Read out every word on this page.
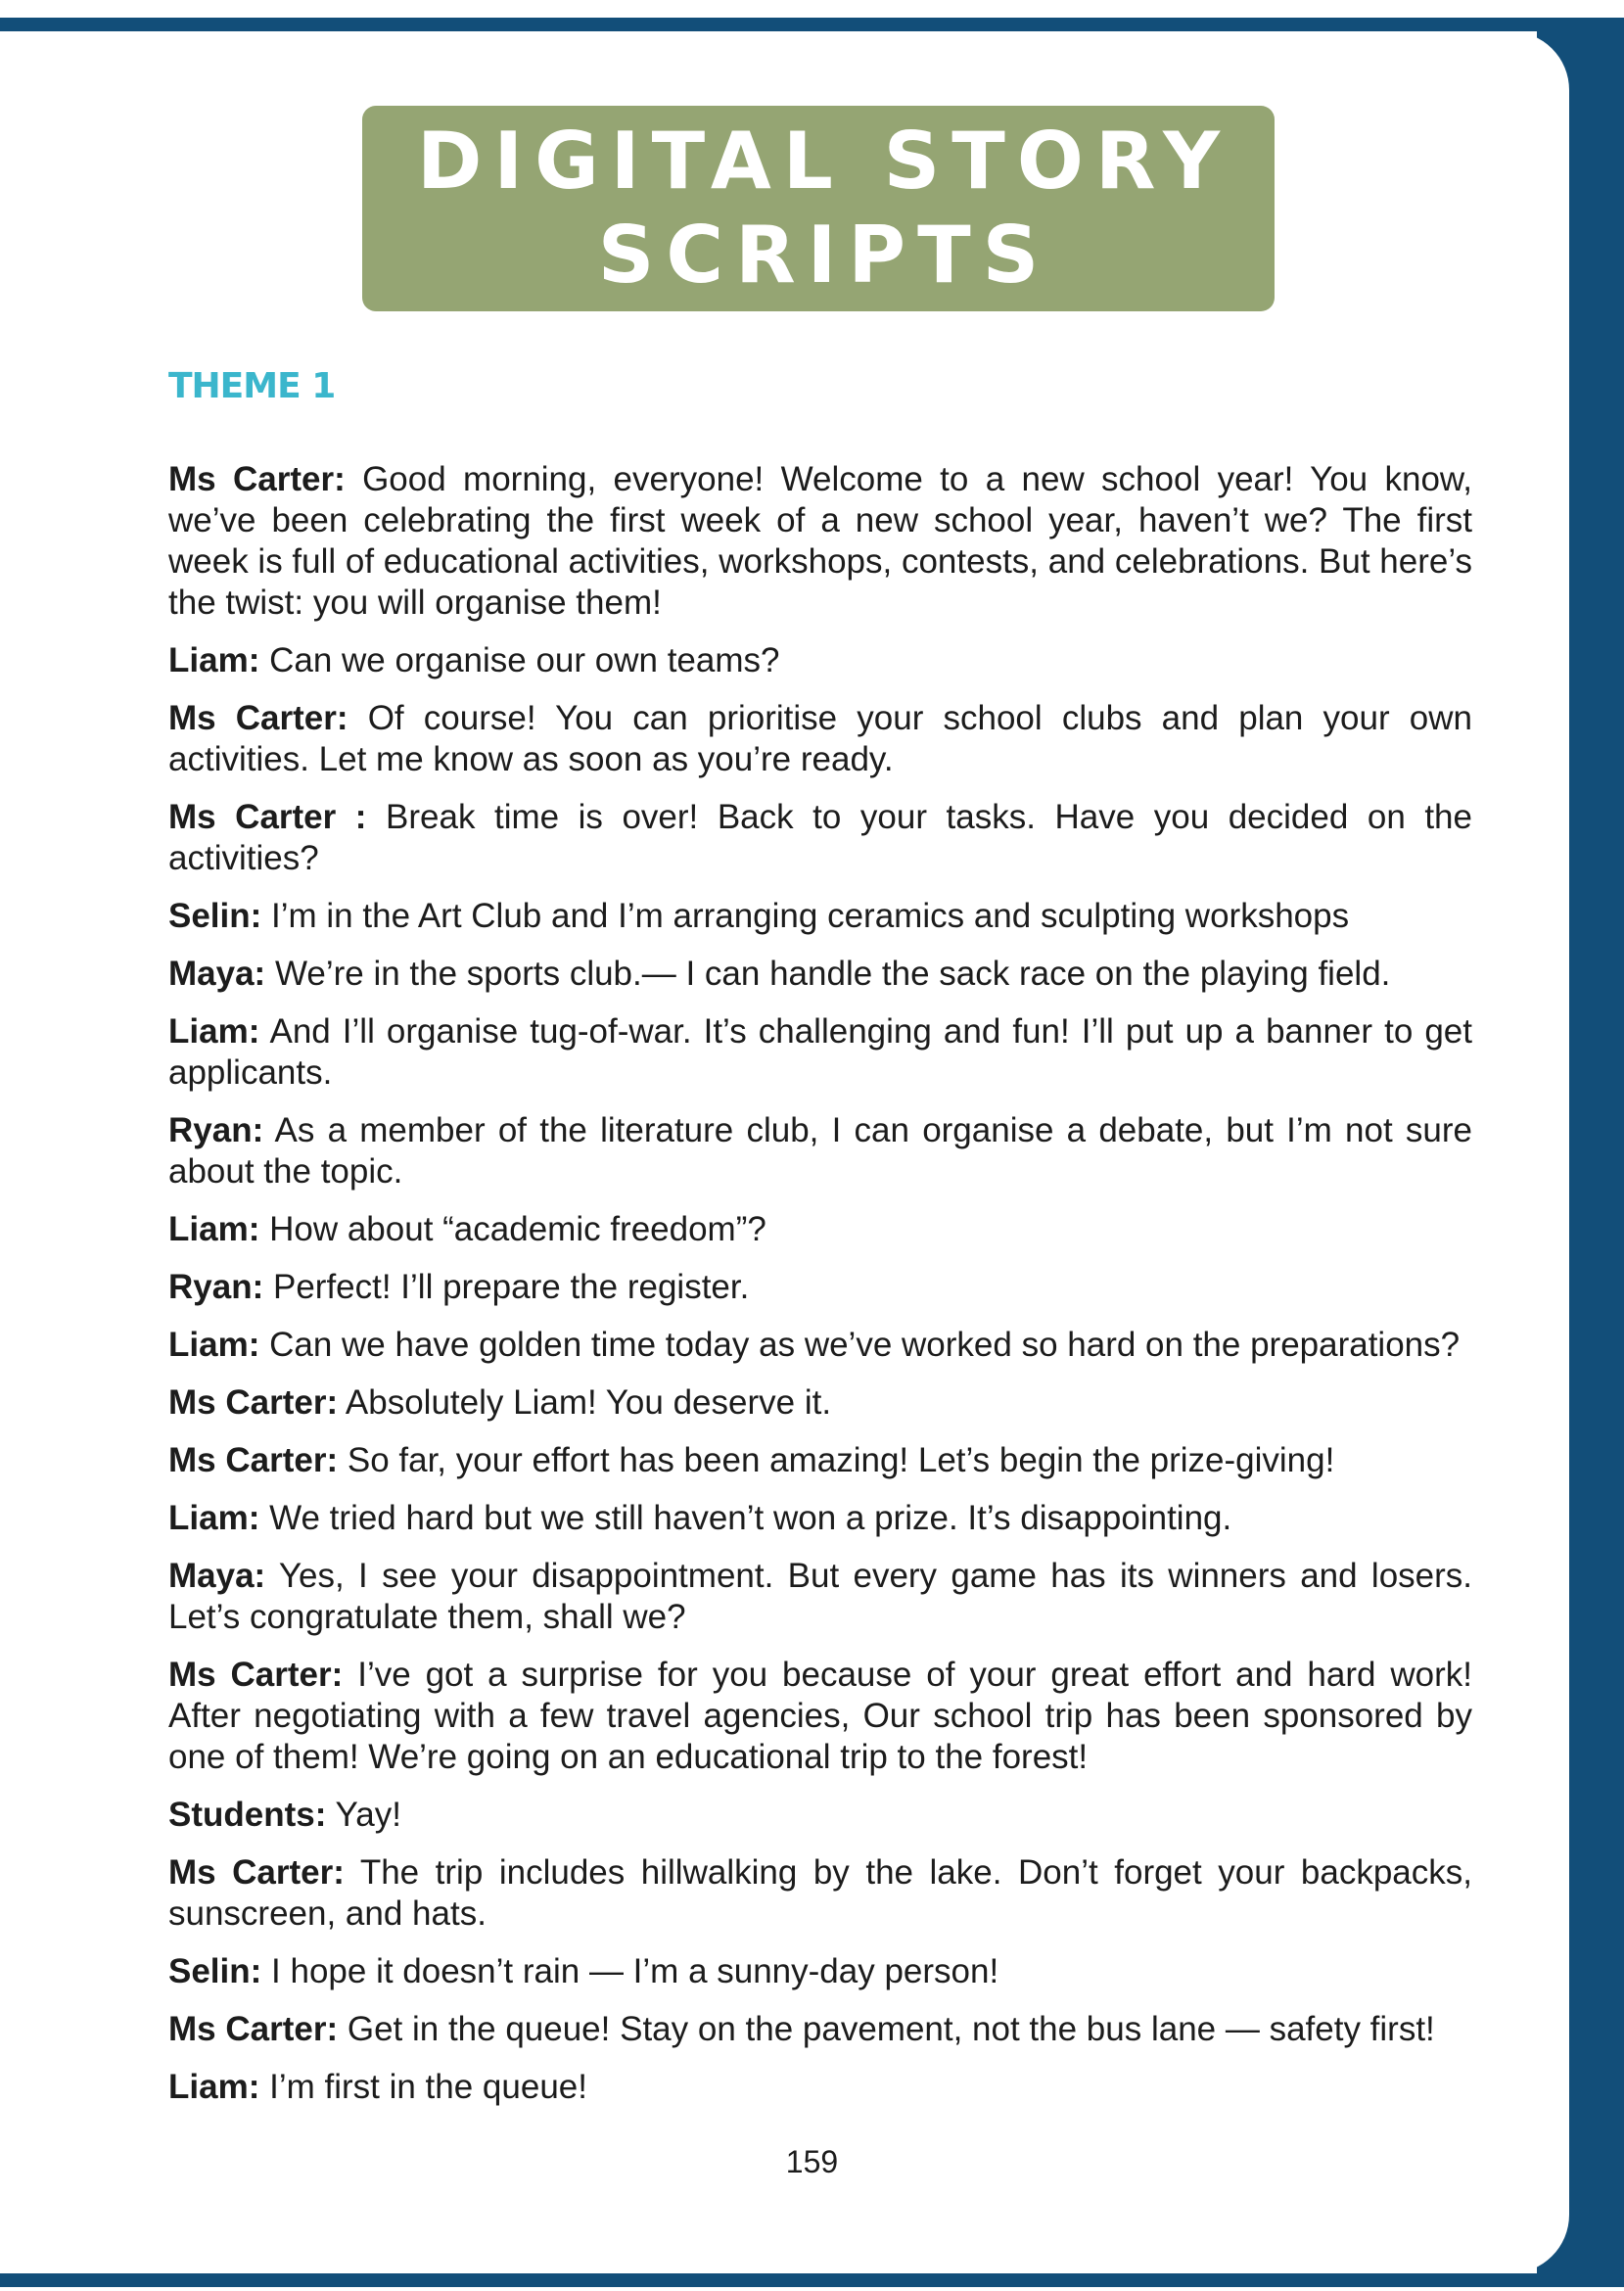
DIGITAL STORY
SCRIPTS
THEME 1

Ms Carter: Good morning, everyone! Welcome to a new school year! You know, we’ve been celebrating the first week of a new school year, haven’t we? The first week is full of educational activities, workshops, contests, and celebrations. But here’s the twist: you will organise them!

Liam: Can we organise our own teams?

Ms Carter: Of course! You can prioritise your school clubs and plan your own activities. Let me know as soon as you’re ready.

Ms Carter : Break time is over! Back to your tasks. Have you decided on the activities?

Selin: I’m in the Art Club and I’m arranging ceramics and sculpting workshops

Maya: We’re in the sports club.— I can handle the sack race on the playing field.

Liam: And I’ll organise tug-of-war. It’s challenging and fun! I’ll put up a banner to get applicants.

Ryan: As a member of the literature club, I can organise a debate, but I’m not sure about the topic.

Liam: How about “academic freedom”?

Ryan: Perfect! I’ll prepare the register.

Liam: Can we have golden time today as we’ve worked so hard on the preparations?

Ms Carter: Absolutely Liam! You deserve it.

Ms Carter: So far, your effort has been amazing! Let’s begin the prize-giving!

Liam: We tried hard but we still haven’t won a prize. It’s disappointing.

Maya: Yes, I see your disappointment. But every game has its winners and losers. Let’s congratulate them, shall we?

Ms Carter: I’ve got a surprise for you because of your great effort and hard work! After negotiating with a few travel agencies, Our school trip has been sponsored by one of them! We’re going on an educational trip to the forest!

Students: Yay!

Ms Carter: The trip includes hillwalking by the lake. Don’t forget your backpacks, sunscreen, and hats.

Selin: I hope it doesn’t rain — I’m a sunny-day person!

Ms Carter: Get in the queue! Stay on the pavement, not the bus lane — safety first!

Liam: I’m first in the queue!

159
